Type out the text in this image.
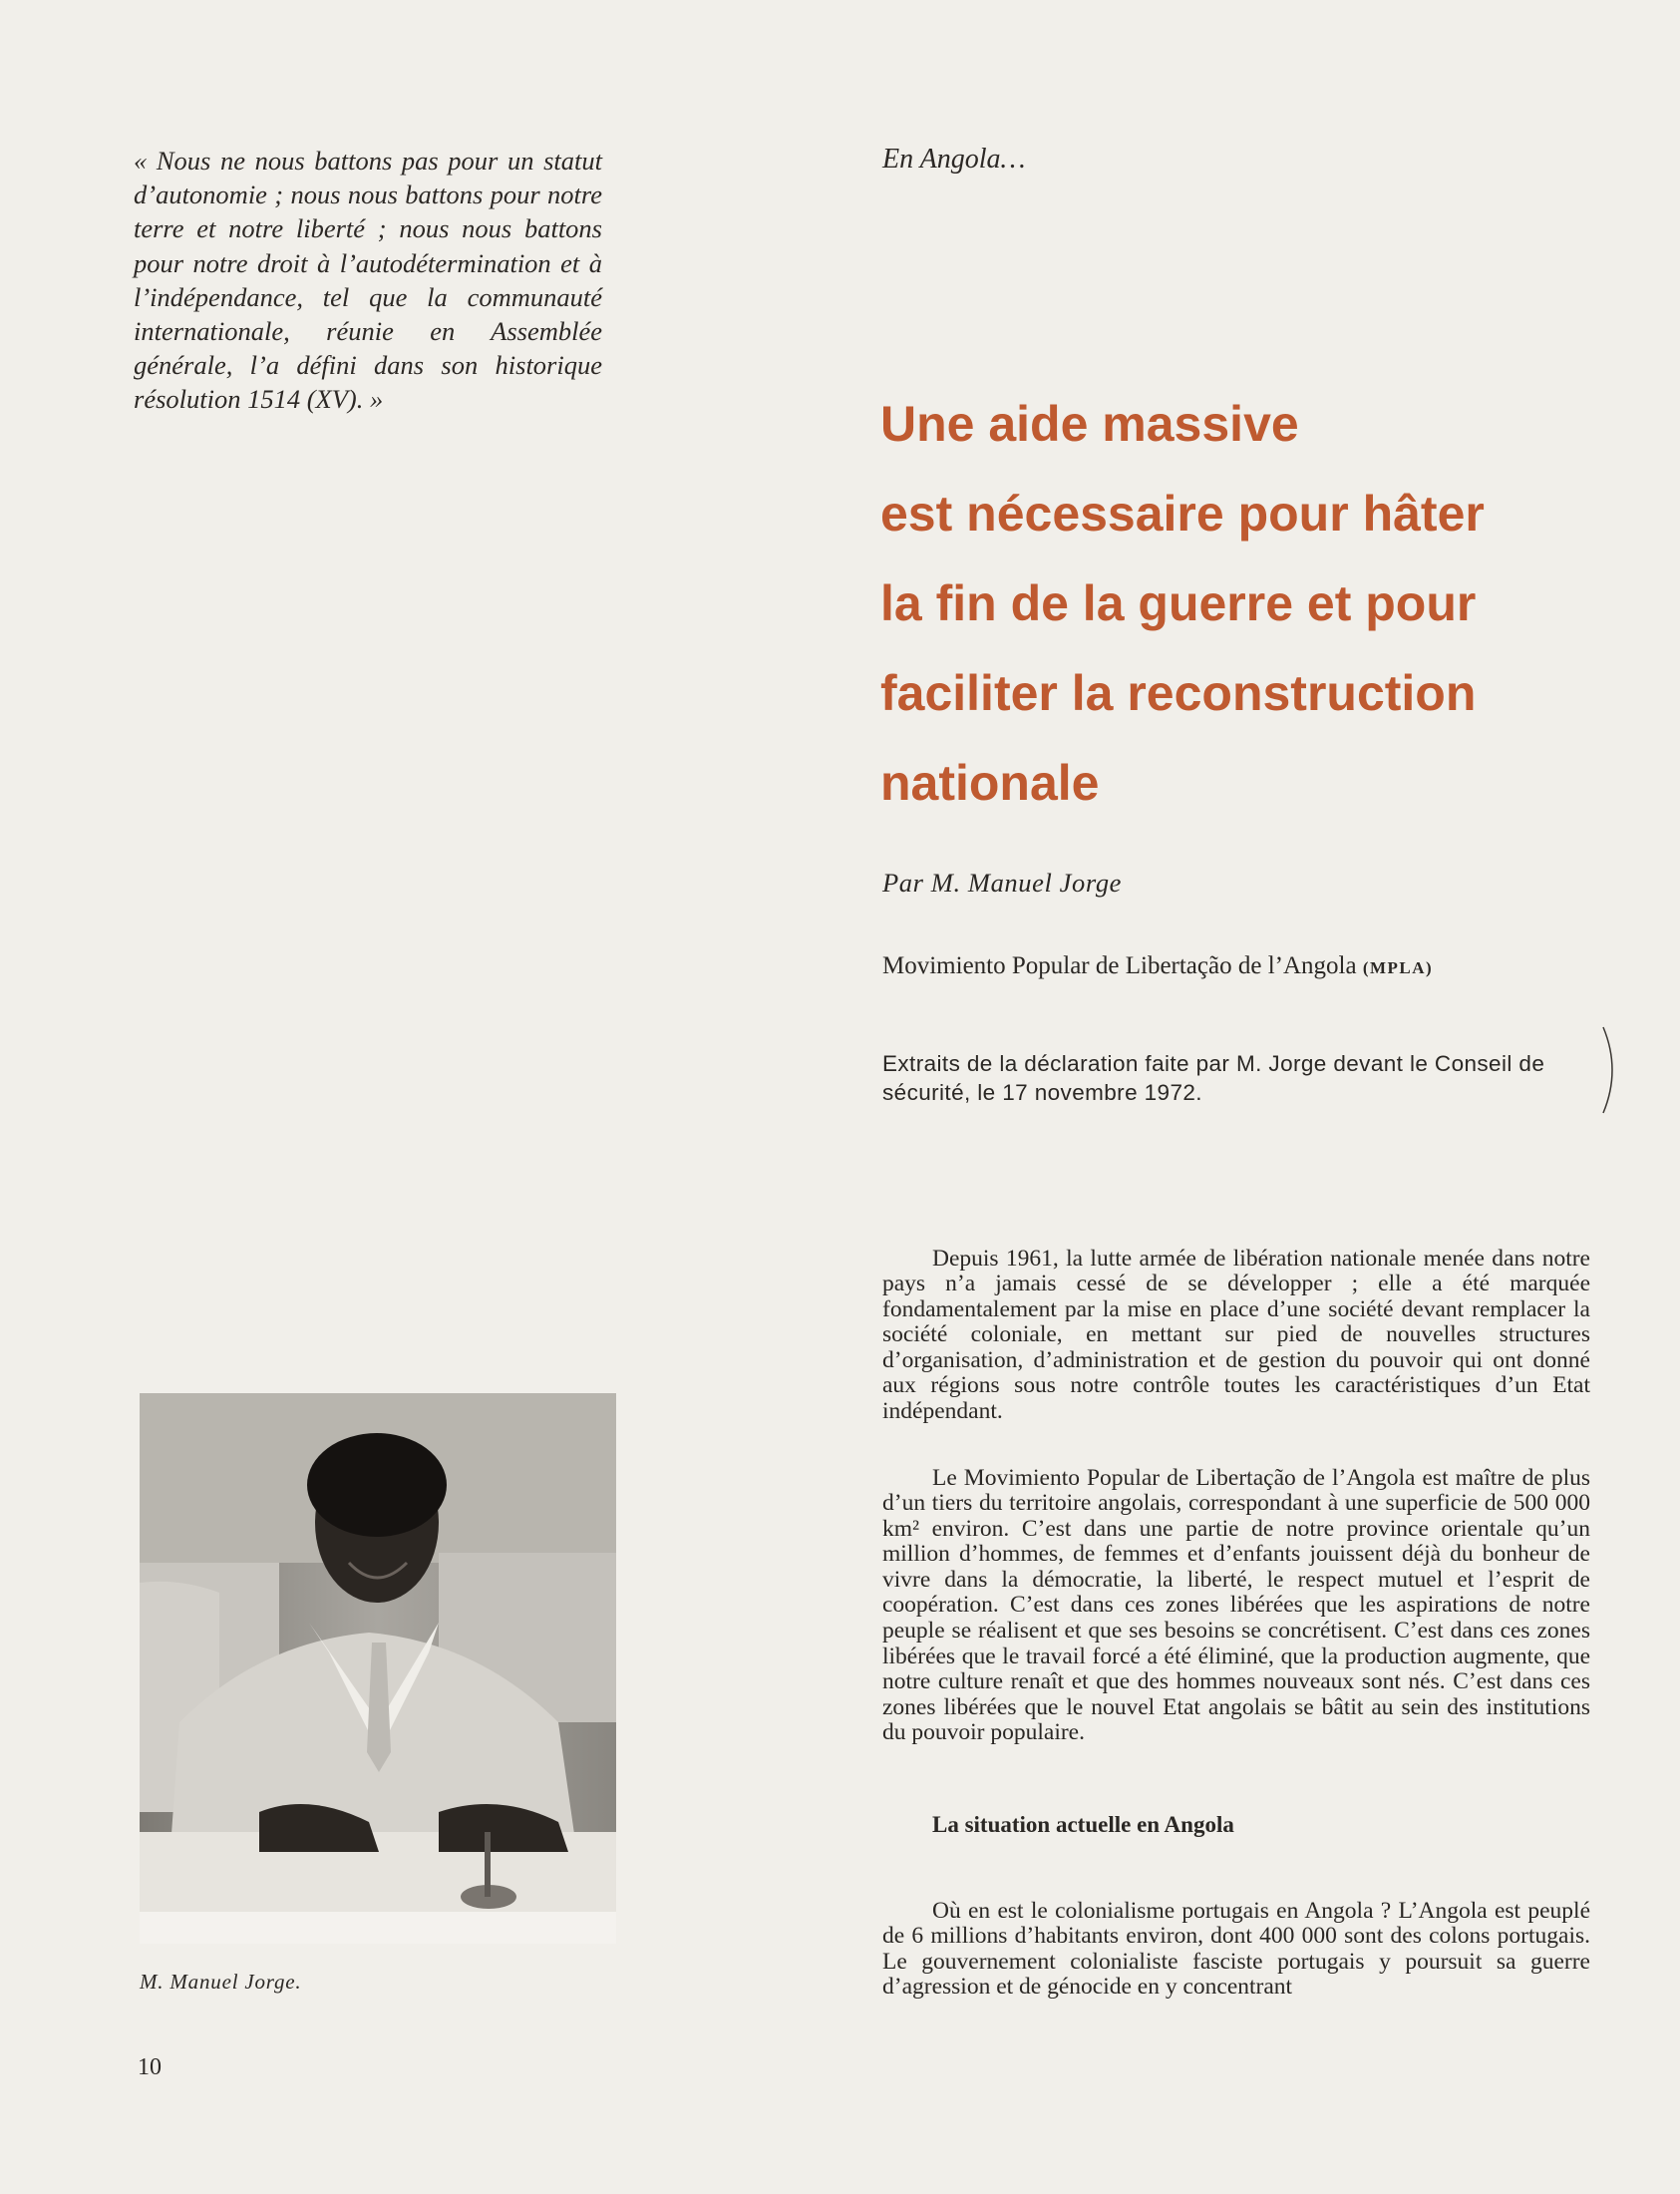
« Nous ne nous battons pas pour un statut d’autonomie ; nous nous battons pour notre terre et notre liberté ; nous nous battons pour notre droit à l’autodétermination et à l’indépendance, tel que la communauté internationale, réunie en Assemblée générale, l’a défini dans son historique résolution 1514 (XV). »
En Angola…
Une aide massive
est nécessaire pour hâter
la fin de la guerre et pour
faciliter la reconstruction
nationale
Par M. Manuel Jorge
Movimiento Popular de Libertação de l’Angola (MPLA)
Extraits de la déclaration faite par M. Jorge devant le Conseil de sécurité, le 17 novembre 1972.

Depuis 1961, la lutte armée de libération nationale menée dans notre pays n’a jamais cessé de se développer ; elle a été marquée fondamentalement par la mise en place d’une société devant remplacer la société coloniale, en mettant sur pied de nouvelles structures d’organisation, d’administration et de gestion du pouvoir qui ont donné aux régions sous notre contrôle toutes les caractéristiques d’un Etat indépendant.

Le Movimiento Popular de Libertação de l’Angola est maître de plus d’un tiers du territoire angolais, correspondant à une superficie de 500 000 km² environ. C’est dans une partie de notre province orientale qu’un million d’hommes, de femmes et d’enfants jouissent déjà du bonheur de vivre dans la démocratie, la liberté, le respect mutuel et l’esprit de coopération. C’est dans ces zones libérées que les aspirations de notre peuple se réalisent et que ses besoins se concrétisent. C’est dans ces zones libérées que le travail forcé a été éliminé, que la production augmente, que notre culture renaît et que des hommes nouveaux sont nés. C’est dans ces zones libérées que le nouvel Etat angolais se bâtit au sein des institutions du pouvoir populaire.

La situation actuelle en Angola

Où en est le colonialisme portugais en Angola ? L’Angola est peuplé de 6 millions d’habitants environ, dont 400 000 sont des colons portugais. Le gouvernement colonialiste fasciste portugais y poursuit sa guerre d’agression et de génocide en y concentrant

M. Manuel Jorge.
10
